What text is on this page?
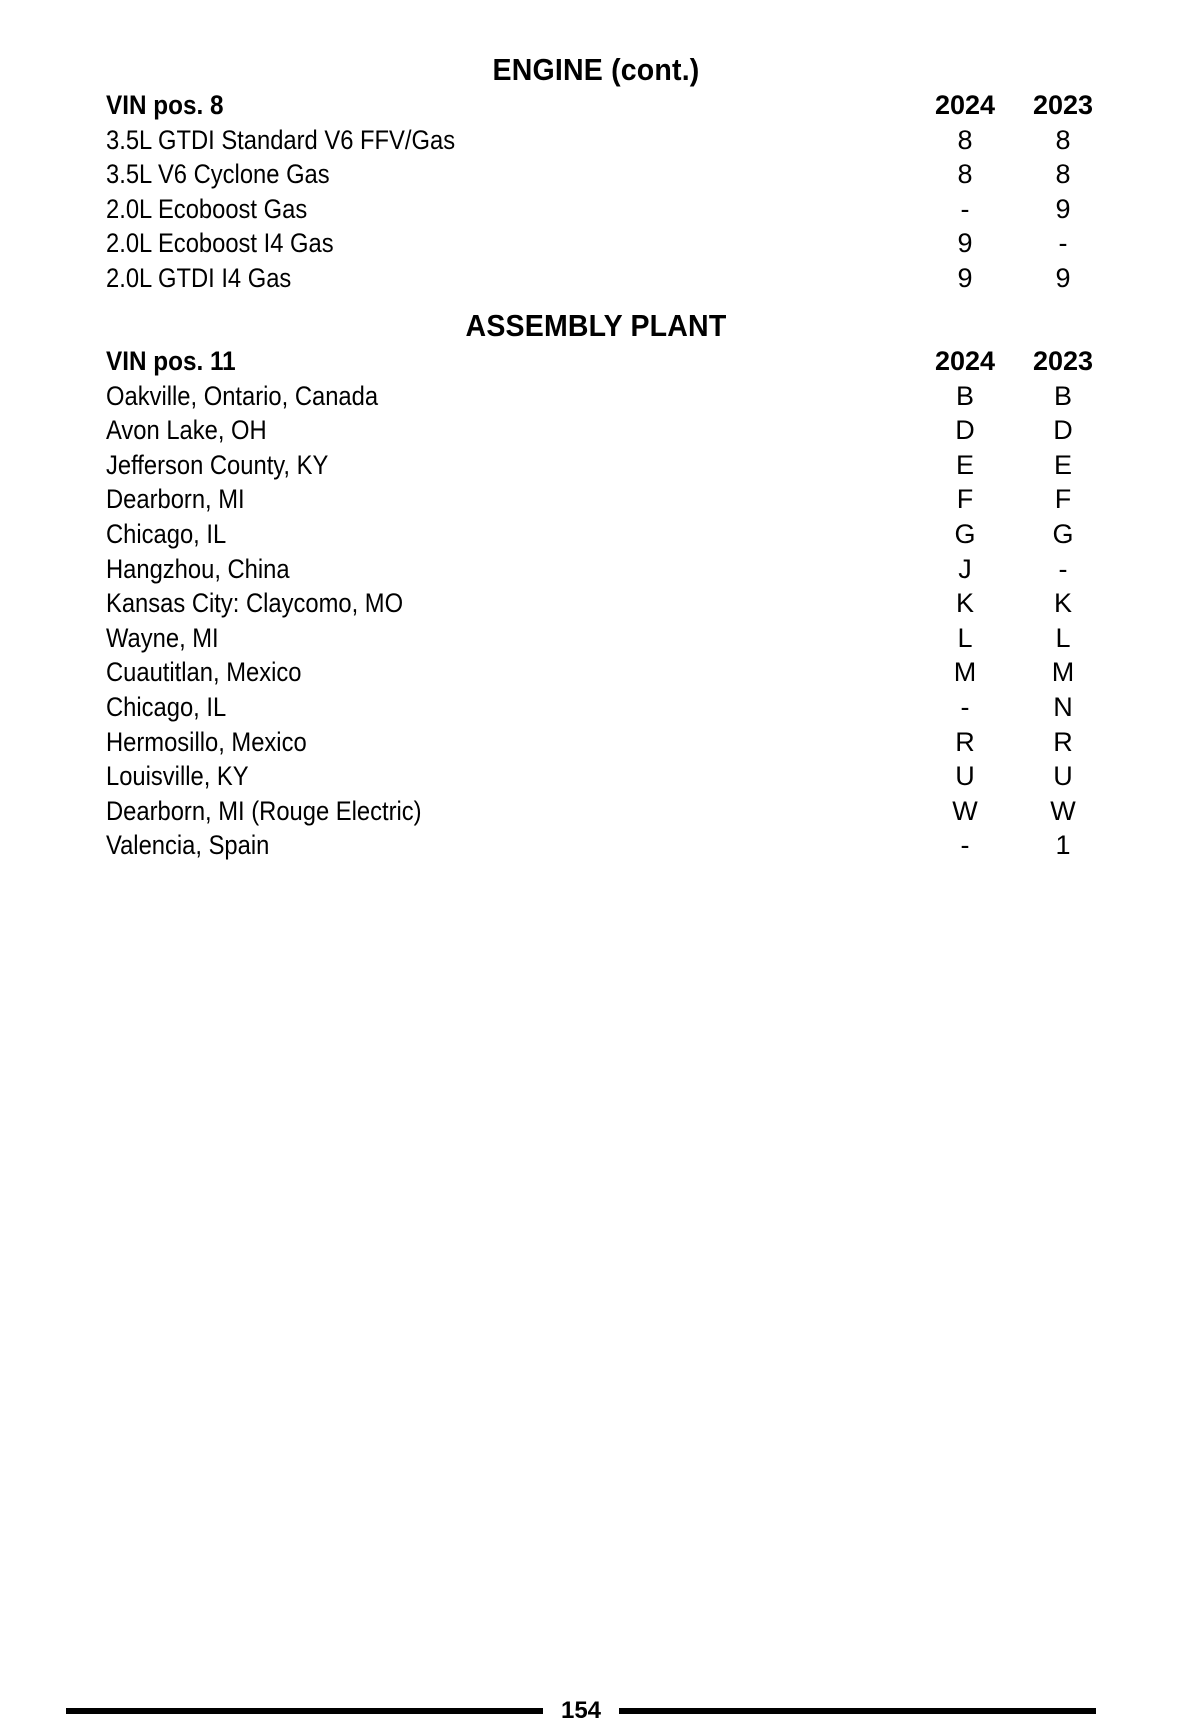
ENGINE (cont.)
VIN pos. 8	2024	2023
3.5L GTDI Standard V6 FFV/Gas	8	8
3.5L V6 Cyclone Gas	8	8
2.0L Ecoboost Gas	-	9
2.0L Ecoboost I4 Gas	9	-
2.0L GTDI I4 Gas	9	9
ASSEMBLY PLANT
VIN pos. 11	2024	2023
Oakville, Ontario, Canada	B	B
Avon Lake, OH	D	D
Jefferson County, KY	E	E
Dearborn, MI	F	F
Chicago, IL	G	G
Hangzhou, China	J	-
Kansas City: Claycomo, MO	K	K
Wayne, MI	L	L
Cuautitlan, Mexico	M	M
Chicago, IL	-	N
Hermosillo, Mexico	R	R
Louisville, KY	U	U
Dearborn, MI (Rouge Electric)	W	W
Valencia, Spain	-	1
154
